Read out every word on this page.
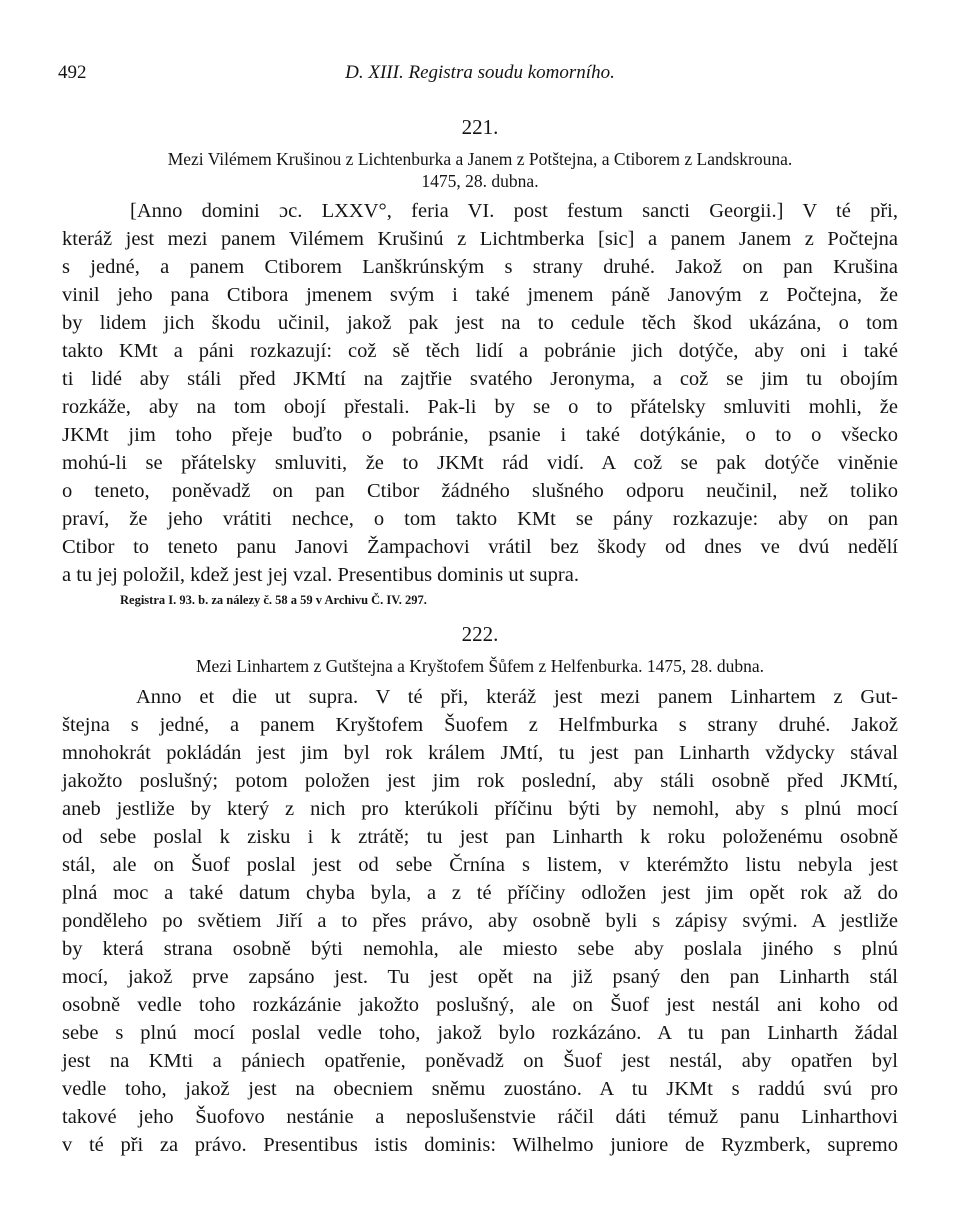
492	D. XIII. Registra soudu komorního.
221.
Mezi Vilémem Krušinou z Lichtenburka a Janem z Potštejna, a Ctiborem z Landskrouna.
1475, 28. dubna.
[Anno domini ɔc. LXXV°, feria VI. post festum sancti Georgii.] V té při,
kteráž jest mezi panem Vilémem Krušinú z Lichtmberka [sic] a panem Janem z Počtejna
s jedné, a panem Ctiborem Lanškrúnským s strany druhé. Jakož on pan Krušina
vinil jeho pana Ctibora jmenem svým i také jmenem páně Janovým z Počtejna, že
by lidem jich škodu učinil, jakož pak jest na to cedule těch škod ukázána, o tom
takto KMt a páni rozkazují: což sě těch lidí a pobránie jich dotýče, aby oni i také
ti lidé aby stáli před JKMtí na zajtřie svatého Jeronyma, a což se jim tu obojím
rozkáže, aby na tom obojí přestali. Pak-li by se o to přátelsky smluviti mohli, že
JKMt jim toho přeje buďto o pobránie, psanie i také dotýkánie, o to o všecko
mohú-li se přátelsky smluviti, že to JKMt rád vidí. A což se pak dotýče viněnie
o teneto, poněvadž on pan Ctibor žádného slušného odporu neučinil, než toliko
praví, že jeho vrátiti nechce, o tom takto KMt se pány rozkazuje: aby on pan
Ctibor to teneto panu Janovi Žampachovi vrátil bez škody od dnes ve dvú nedělí
a tu jej položil, kdež jest jej vzal. Presentibus dominis ut supra.
Registra I. 93. b. za nálezy č. 58 a 59 v Archivu Č. IV. 297.
222.
Mezi Linhartem z Gutštejna a Kryštofem Šůfem z Helfenburka. 1475, 28. dubna.
Anno et die ut supra. V té při, kteráž jest mezi panem Linhartem z Gut-
štejna s jedné, a panem Kryštofem Šuofem z Helfmburka s strany druhé. Jakož
mnohokrát pokládán jest jim byl rok králem JMtí, tu jest pan Linharth vždycky stával
jakožto poslušný; potom položen jest jim rok poslední, aby stáli osobně před JKMtí,
aneb jestliže by který z nich pro kterúkoli příčinu býti by nemohl, aby s plnú mocí
od sebe poslal k zisku i k ztrátě; tu jest pan Linharth k roku položenému osobně
stál, ale on Šuof poslal jest od sebe Črnína s listem, v kterémžto listu nebyla jest
plná moc a také datum chyba byla, a z té příčiny odložen jest jim opět rok až do
ponděleho po světiem Jiří a to přes právo, aby osobně byli s zápisy svými. A jestliže
by která strana osobně býti nemohla, ale miesto sebe aby poslala jiného s plnú
mocí, jakož prve zapsáno jest. Tu jest opět na již psaný den pan Linharth stál
osobně vedle toho rozkázánie jakožto poslušný, ale on Šuof jest nestál ani koho od
sebe s plnú mocí poslal vedle toho, jakož bylo rozkázáno. A tu pan Linharth žádal
jest na KMti a pániech opatřenie, poněvadž on Šuof jest nestál, aby opatřen byl
vedle toho, jakož jest na obecniem sněmu zuostáno. A tu JKMt s raddú svú pro
takové jeho Šuofovo nestánie a neposlušenstvie ráčil dáti témuž panu Linharthovi
v té při za právo. Presentibus istis dominis: Wilhelmo juniore de Ryzmberk, supremo
